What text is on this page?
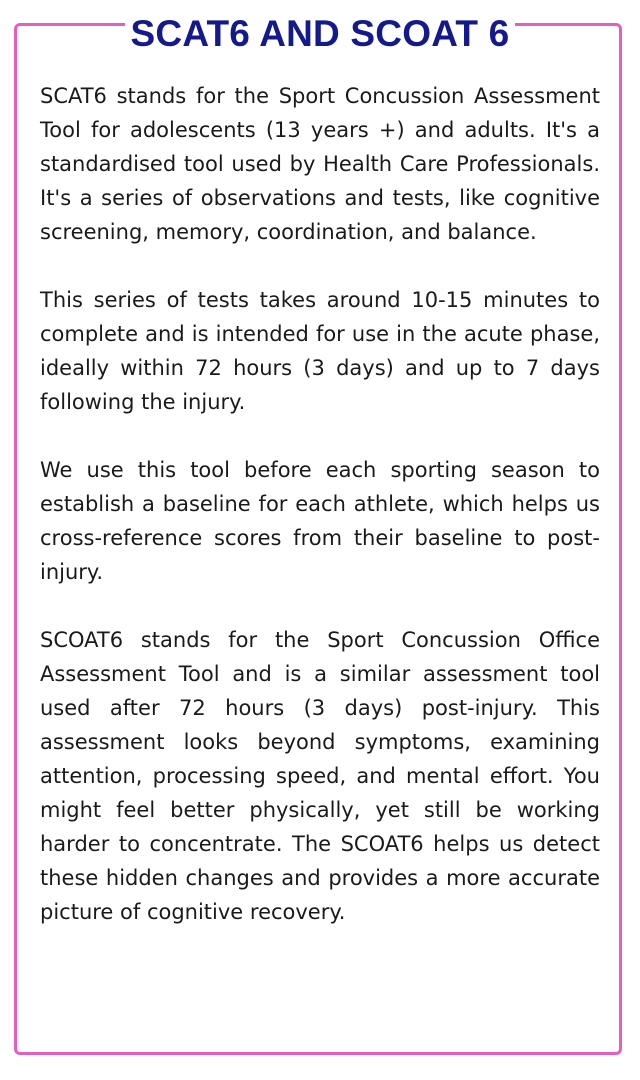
SCAT6 AND SCOAT 6

SCAT6 stands for the Sport Concussion Assessment Tool for adolescents (13 years +) and adults. It's a standardised tool used by Health Care Professionals. It's a series of observations and tests, like cognitive screening, memory, coordination, and balance.

This series of tests takes around 10-15 minutes to complete and is intended for use in the acute phase, ideally within 72 hours (3 days) and up to 7 days following the injury.

We use this tool before each sporting season to establish a baseline for each athlete, which helps us cross-reference scores from their baseline to post-injury.

SCOAT6 stands for the Sport Concussion Office Assessment Tool and is a similar assessment tool used after 72 hours (3 days) post-injury. This assessment looks beyond symptoms, examining attention, processing speed, and mental effort. You might feel better physically, yet still be working harder to concentrate. The SCOAT6 helps us detect these hidden changes and provides a more accurate picture of cognitive recovery.
